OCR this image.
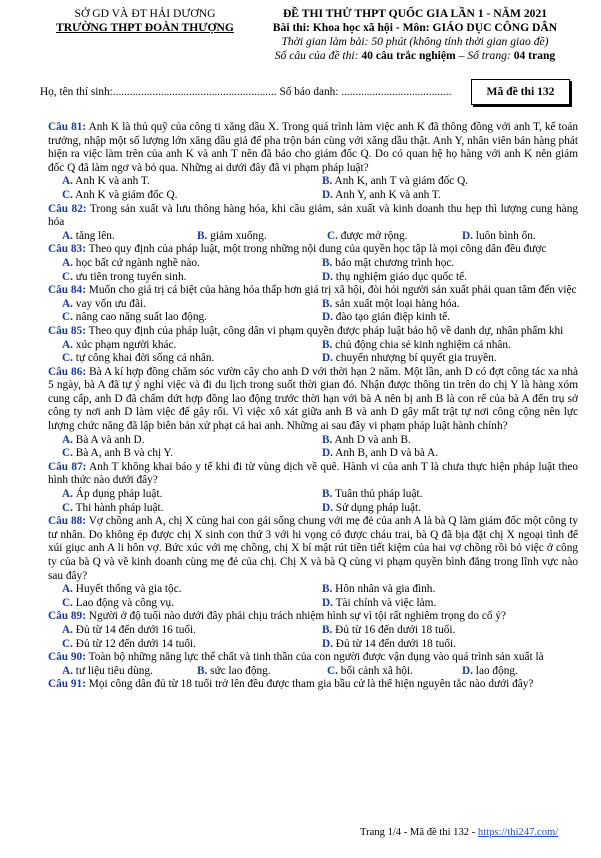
SỞ GD VÀ ĐT HẢI DƯƠNG
TRƯỜNG THPT ĐOÀN THƯỢNG
ĐỀ THI THỬ THPT QUỐC GIA LẦN 1 - NĂM 2021
Bài thi: Khoa học xã hội - Môn: GIÁO DỤC CÔNG DÂN
Thời gian làm bài: 50 phút (không tính thời gian giao đề)
Số câu của đề thi: 40 câu trắc nghiệm – Số trang: 04 trang
Họ, tên thí sinh:.......................................................... Số báo danh: .......................................	Mã đề thi 132
Câu 81: Anh K là thủ quỹ của công ti xăng dầu X. Trong quá trình làm việc anh K đã thông đồng với anh T, kế toán trưởng, nhập một số lượng lớn xăng dầu giả để pha trộn bán cùng với xăng dầu thật. Anh Y, nhân viên bán hàng phát hiện ra việc làm trên của anh K và anh T nên đã báo cho giám đốc Q. Do có quan hệ họ hàng với anh K nên giám đốc Q đã làm ngơ và bỏ qua. Những ai dưới đây đã vi phạm pháp luật?
A. Anh K và anh T.	B. Anh K, anh T và giám đốc Q.
C. Anh K và giám đốc Q.	D. Anh Y, anh K và anh T.
Câu 82: Trong sản xuất và lưu thông hàng hóa, khi cầu giảm, sản xuất và kinh doanh thu hẹp thì lượng cung hàng hóa
A. tăng lên.	B. giảm xuống.	C. được mở rộng.	D. luôn bình ổn.
Câu 83: Theo quy định của pháp luật, một trong những nội dung của quyền học tập là mọi công dân đều được
A. học bất cứ ngành nghề nào.	B. bảo mật chương trình học.
C. ưu tiên trong tuyển sinh.	D. thụ nghiệm giáo dục quốc tế.
Câu 84: Muốn cho giá trị cá biệt của hàng hóa thấp hơn giá trị xã hội, đòi hỏi người sản xuất phải quan tâm đến việc
A. vay vốn ưu đãi.	B. sản xuất một loại hàng hóa.
C. nâng cao năng suất lao động.	D. đào tạo gián điệp kinh tế.
Câu 85: Theo quy định của pháp luật, công dân vi phạm quyền được pháp luật bảo hộ về danh dự, nhân phẩm khi
A. xúc phạm người khác.	B. chủ động chia sẻ kinh nghiệm cá nhân.
C. tự công khai đời sống cá nhân.	D. chuyển nhượng bí quyết gia truyền.
Câu 86: Bà A kí hợp đồng chăm sóc vườn cây cho anh D với thời hạn 2 năm. Một lần, anh D có đợt công tác xa nhà 5 ngày, bà A đã tự ý nghỉ việc và đi du lịch trong suốt thời gian đó. Nhận được thông tin trên do chị Y là hàng xóm cung cấp, anh D đã chấm dứt hợp đồng lao động trước thời hạn với bà A nên bị anh B là con rể của bà A đến trụ sở công ty nơi anh D làm việc để gây rối. Vì việc xô xát giữa anh B và anh D gây mất trật tự nơi công cộng nên lực lượng chức năng đã lập biên bản xử phạt cả hai anh. Những ai sau đây vi phạm pháp luật hành chính?
A. Bà A và anh D.	B. Anh D và anh B.
C. Bà A, anh B và chị Y.	D. Anh B, anh D và bà A.
Câu 87: Anh T không khai báo y tế khi đi từ vùng dịch về quê. Hành vi của anh T là chưa thực hiện pháp luật theo hình thức nào dưới đây?
A. Áp dụng pháp luật.	B. Tuân thủ pháp luật.
C. Thi hành pháp luật.	D. Sử dụng pháp luật.
Câu 88: Vợ chồng anh A, chị X cùng hai con gái sống chung với mẹ đẻ của anh A là bà Q làm giám đốc một công ty tư nhân. Do không ép được chị X sinh con thứ 3 với hi vọng có được cháu trai, bà Q đã bịa đặt chị X ngoại tình để xúi giục anh A li hôn vợ. Bức xúc với mẹ chồng, chị X bí mật rút tiền tiết kiệm của hai vợ chồng rồi bỏ việc ở công ty của bà Q và về kinh doanh cùng mẹ đẻ của chị. Chị X và bà Q cùng vi phạm quyền bình đẳng trong lĩnh vực nào sau đây?
A. Huyết thống và gia tộc.	B. Hôn nhân và gia đình.
C. Lao động và công vụ.	D. Tài chính và việc làm.
Câu 89: Người ở độ tuổi nào dưới đây phải chịu trách nhiệm hình sự vì tội rất nghiêm trọng do cố ý?
A. Đủ từ 14 đến dưới 16 tuổi.	B. Đủ từ 16 đến dưới 18 tuổi.
C. Đủ từ 12 đến dưới 14 tuổi.	D. Đủ từ 14 đến dưới 18 tuổi.
Câu 90: Toàn bộ những năng lực thể chất và tinh thần của con người được vận dụng vào quá trình sản xuất là
A. tư liệu tiêu dùng.	B. sức lao động.	C. bối cảnh xã hội.	D. lao động.
Câu 91: Mọi công dân đủ từ 18 tuổi trở lên đều được tham gia bầu cử là thể hiện nguyên tắc nào dưới đây?
Trang 1/4 - Mã đề thi 132 - https://thi247.com/
